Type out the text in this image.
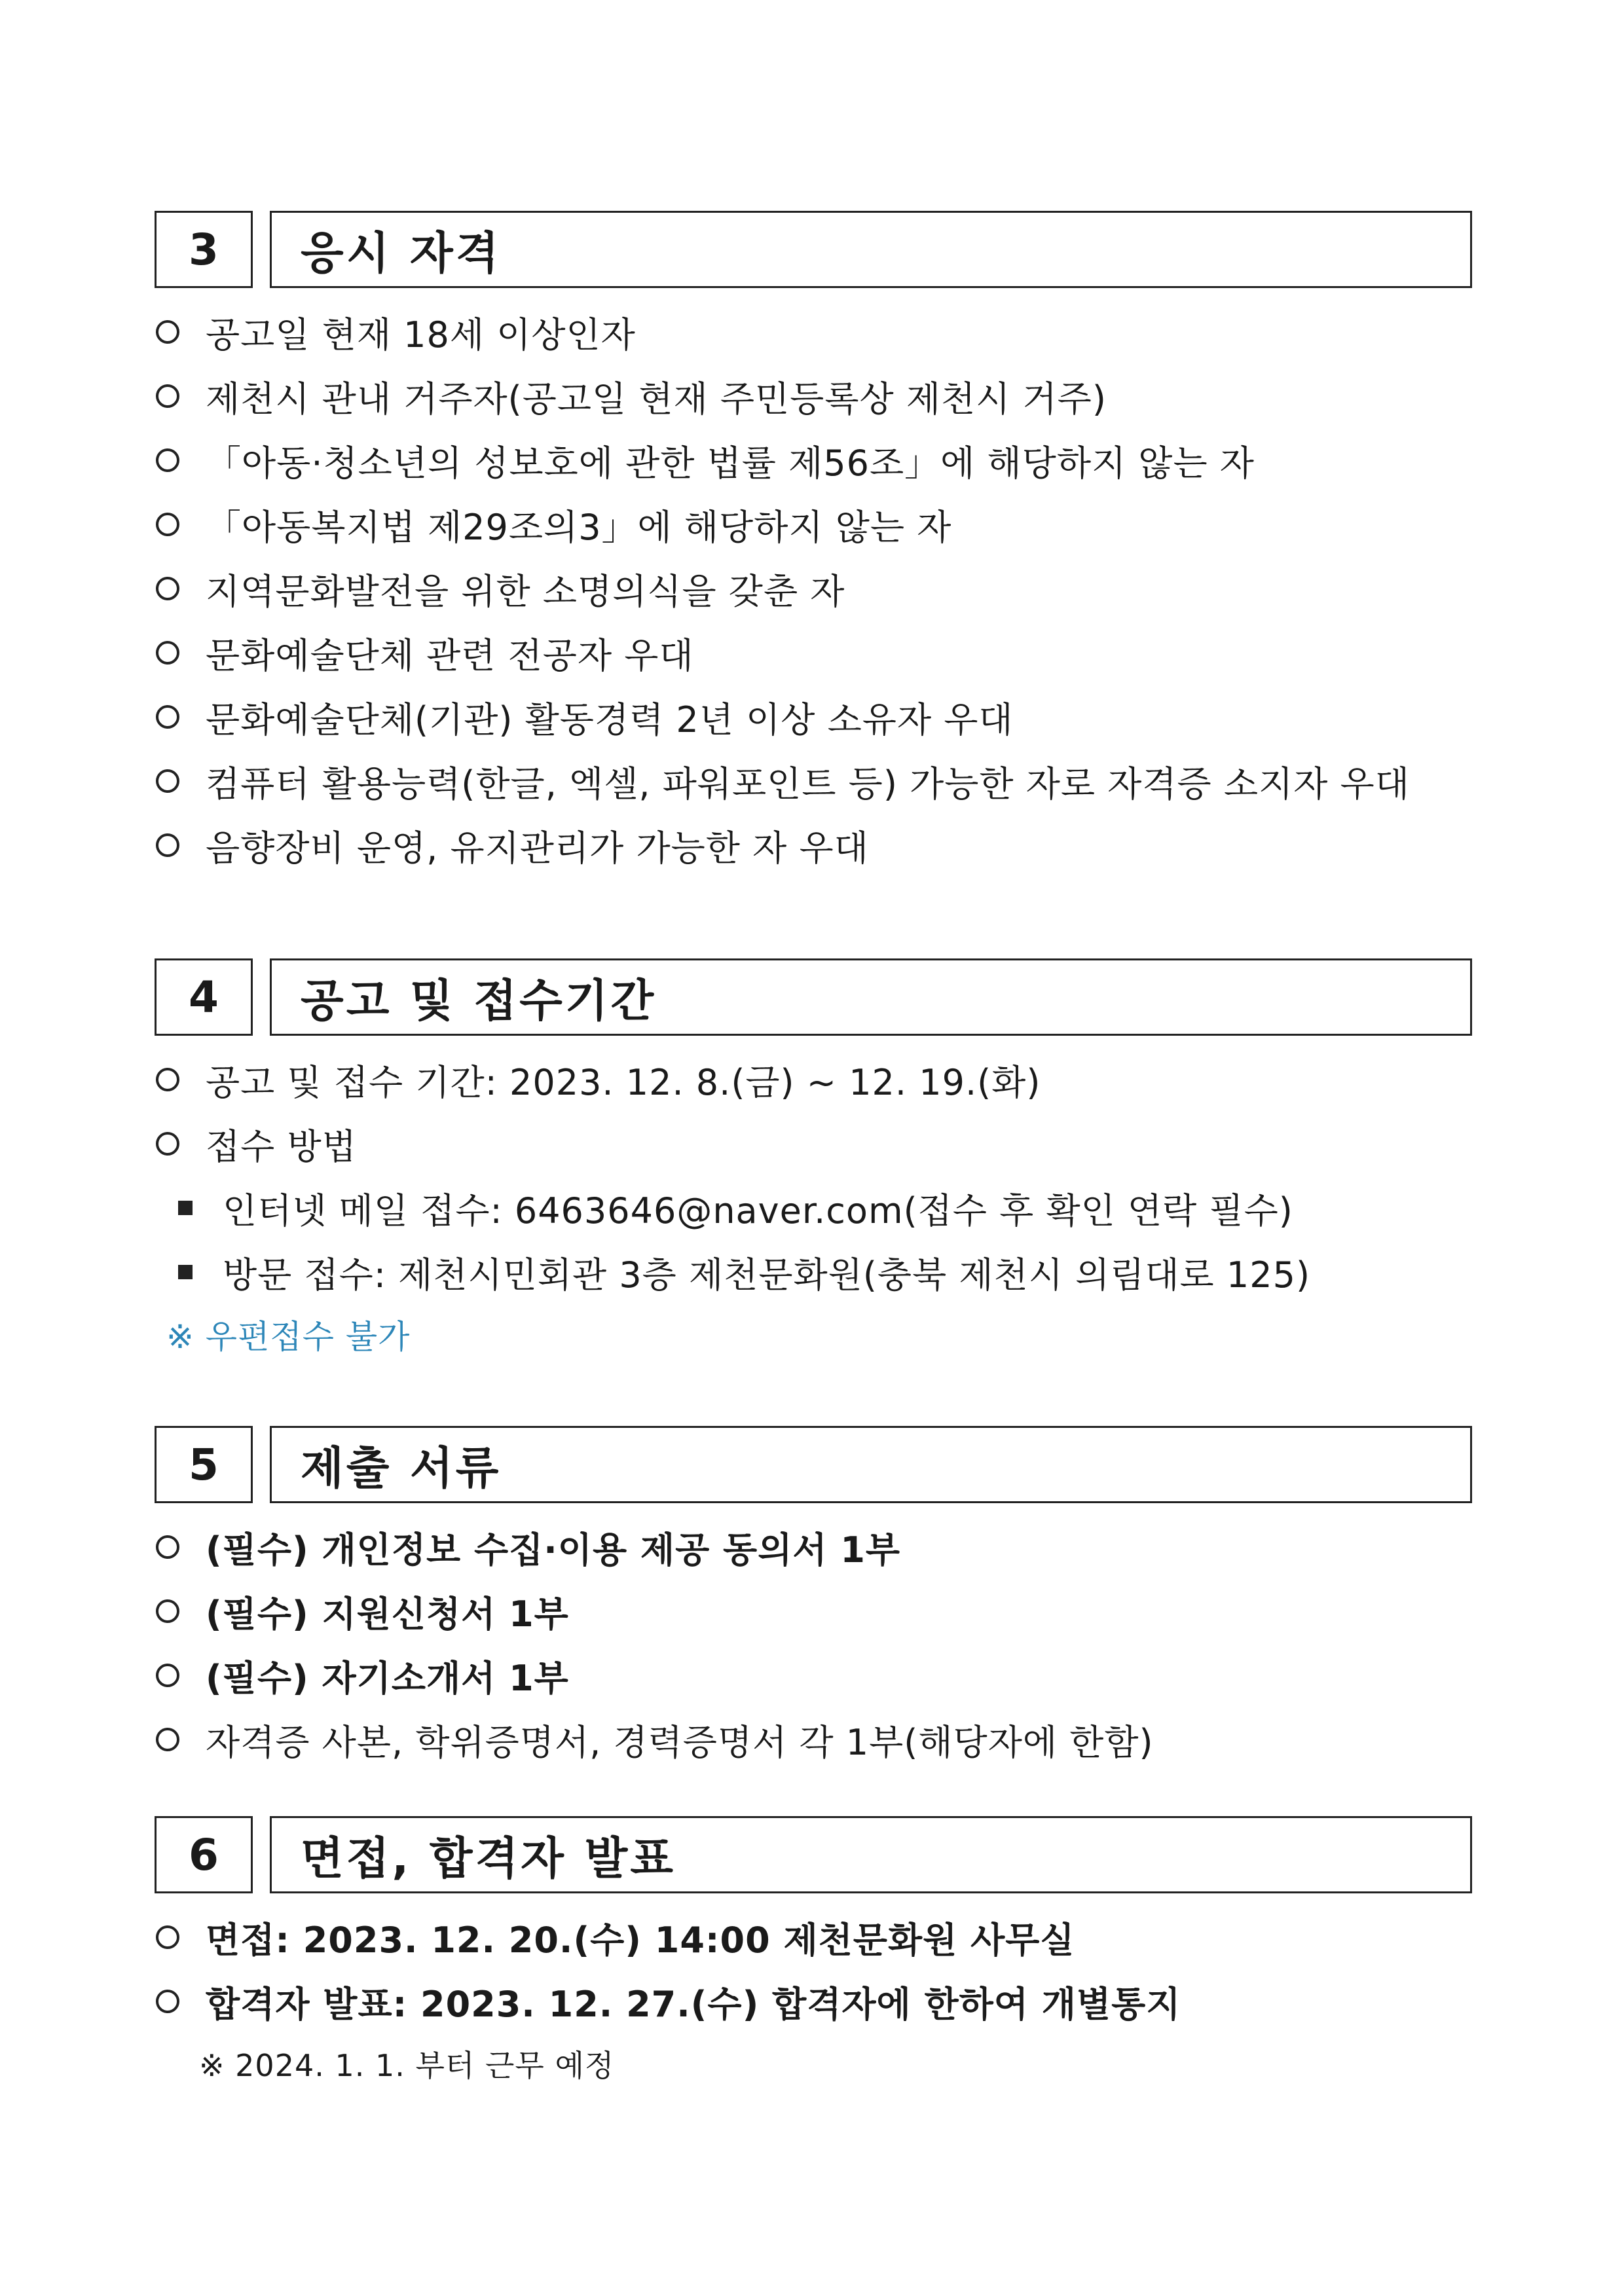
3	응시 자격
공고일 현재 18세 이상인자
제천시 관내 거주자(공고일 현재 주민등록상 제천시 거주)
「아동·청소년의 성보호에 관한 법률 제56조」에 해당하지 않는 자
「아동복지법 제29조의3」에 해당하지 않는 자
지역문화발전을 위한 소명의식을 갖춘 자
문화예술단체 관련 전공자 우대
문화예술단체(기관) 활동경력 2년 이상 소유자 우대
컴퓨터 활용능력(한글, 엑셀, 파워포인트 등) 가능한 자로 자격증 소지자 우대
음향장비 운영, 유지관리가 가능한 자 우대
4	공고 및 접수기간
공고 및 접수 기간: 2023. 12. 8.(금) ~ 12. 19.(화)
접수 방법
인터넷 메일 접수: 6463646@naver.com(접수 후 확인 연락 필수)
방문 접수: 제천시민회관 3층 제천문화원(충북 제천시 의림대로 125)
※ 우편접수 불가
5	제출 서류
(필수) 개인정보 수집·이용 제공 동의서 1부
(필수) 지원신청서 1부
(필수) 자기소개서 1부
자격증 사본, 학위증명서, 경력증명서 각 1부(해당자에 한함)
6	면접, 합격자 발표
면접: 2023. 12. 20.(수) 14:00 제천문화원 사무실
합격자 발표: 2023. 12. 27.(수) 합격자에 한하여 개별통지
※ 2024. 1. 1. 부터 근무 예정
